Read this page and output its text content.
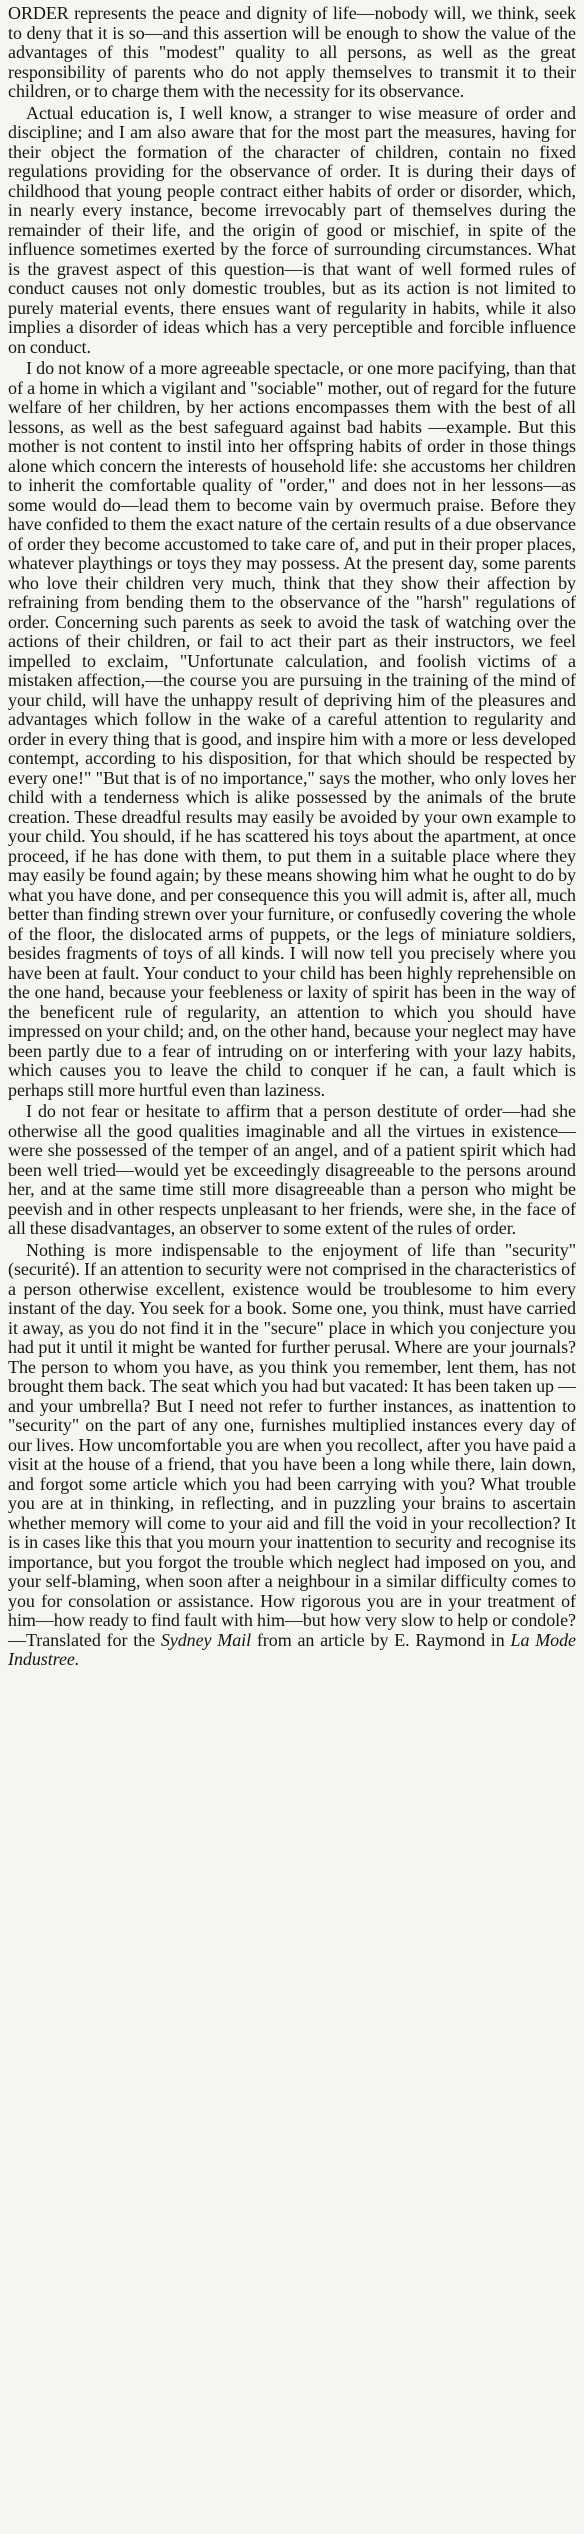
ORDER represents the peace and dignity of life—nobody will, we think, seek to deny that it is so—and this assertion will be enough to show the value of the advantages of this "modest" quality to all persons, as well as the great responsibility of parents who do not apply themselves to transmit it to their children, or to charge them with the necessity for its observance.

Actual education is, I well know, a stranger to wise measure of order and discipline; and I am also aware that for the most part the measures, having for their object the formation of the character of children, contain no fixed regulations providing for the observance of order. It is during their days of childhood that young people contract either habits of order or disorder, which, in nearly every instance, become irrevocably part of themselves during the remainder of their life, and the origin of good or mischief, in spite of the influence sometimes exerted by the force of surrounding circumstances. What is the gravest aspect of this question—is that want of well formed rules of conduct causes not only domestic troubles, but as its action is not limited to purely material events, there ensues want of regularity in habits, while it also implies a disorder of ideas which has a very perceptible and forcible influence on conduct.

I do not know of a more agreeable spectacle, or one more pacifying, than that of a home in which a vigilant and "sociable" mother, out of regard for the future welfare of her children, by her actions encompasses them with the best of all lessons, as well as the best safeguard against bad habits —example. But this mother is not content to instil into her offspring habits of order in those things alone which concern the interests of household life: she accustoms her children to inherit the comfortable quality of "order," and does not in her lessons—as some would do—lead them to become vain by overmuch praise. Before they have confided to them the exact nature of the certain results of a due observance of order they become accustomed to take care of, and put in their proper places, whatever playthings or toys they may possess. At the present day, some parents who love their children very much, think that they show their affection by refraining from bending them to the observance of the "harsh" regulations of order. Concerning such parents as seek to avoid the task of watching over the actions of their children, or fail to act their part as their instructors, we feel impelled to exclaim, "Unfortunate calculation, and foolish victims of a mistaken affection,—the course you are pursuing in the training of the mind of your child, will have the unhappy result of depriving him of the pleasures and advantages which follow in the wake of a careful attention to regularity and order in every thing that is good, and inspire him with a more or less developed contempt, according to his disposition, for that which should be respected by every one!" "But that is of no importance," says the mother, who only loves her child with a tenderness which is alike possessed by the animals of the brute creation. These dreadful results may easily be avoided by your own example to your child. You should, if he has scattered his toys about the apartment, at once proceed, if he has done with them, to put them in a suitable place where they may easily be found again; by these means showing him what he ought to do by what you have done, and per consequence this you will admit is, after all, much better than finding strewn over your furniture, or confusedly covering the whole of the floor, the dislocated arms of puppets, or the legs of miniature soldiers, besides fragments of toys of all kinds. I will now tell you precisely where you have been at fault. Your conduct to your child has been highly reprehensible on the one hand, because your feebleness or laxity of spirit has been in the way of the beneficent rule of regularity, an attention to which you should have impressed on your child; and, on the other hand, because your neglect may have been partly due to a fear of intruding on or interfering with your lazy habits, which causes you to leave the child to conquer if he can, a fault which is perhaps still more hurtful even than laziness.

I do not fear or hesitate to affirm that a person destitute of order—had she otherwise all the good qualities imaginable and all the virtues in existence—were she possessed of the temper of an angel, and of a patient spirit which had been well tried—would yet be exceedingly disagreeable to the persons around her, and at the same time still more disagreeable than a person who might be peevish and in other respects unpleasant to her friends, were she, in the face of all these disadvantages, an observer to some extent of the rules of order.

Nothing is more indispensable to the enjoyment of life than "security" (securité). If an attention to security were not comprised in the characteristics of a person otherwise excellent, existence would be troublesome to him every instant of the day. You seek for a book. Some one, you think, must have carried it away, as you do not find it in the "secure" place in which you conjecture you had put it until it might be wanted for further perusal. Where are your journals? The person to whom you have, as you think you remember, lent them, has not brought them back. The seat which you had but vacated: It has been taken up —and your umbrella? But I need not refer to further instances, as inattention to "security" on the part of any one, furnishes multiplied instances every day of our lives. How uncomfortable you are when you recollect, after you have paid a visit at the house of a friend, that you have been a long while there, lain down, and forgot some article which you had been carrying with you? What trouble you are at in thinking, in reflecting, and in puzzling your brains to ascertain whether memory will come to your aid and fill the void in your recollection? It is in cases like this that you mourn your inattention to security and recognise its importance, but you forgot the trouble which neglect had imposed on you, and your self-blaming, when soon after a neighbour in a similar difficulty comes to you for consolation or assistance. How rigorous you are in your treatment of him—how ready to find fault with him—but how very slow to help or condole?—Translated for the Sydney Mail from an article by E. Raymond in La Mode Industree.
